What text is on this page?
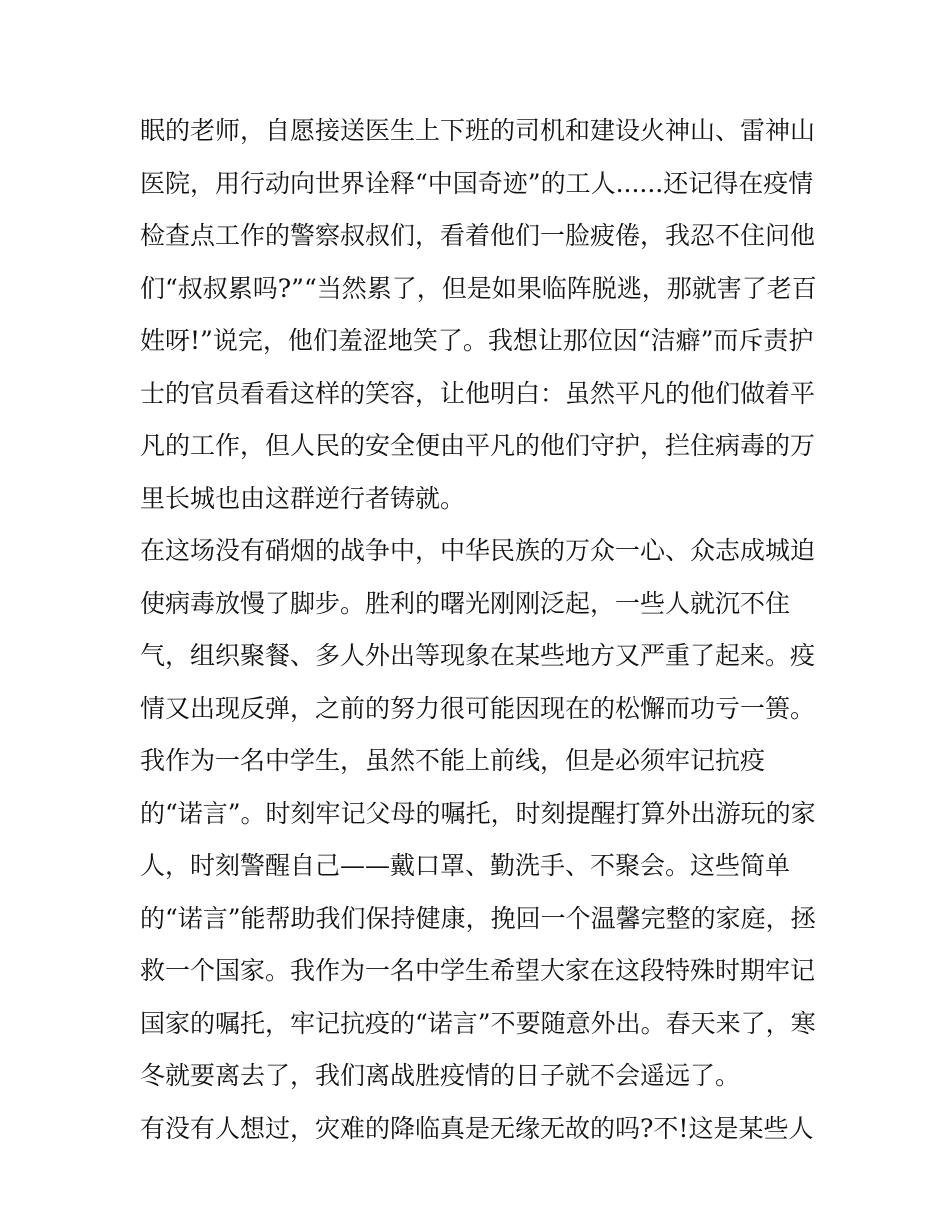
眠的老师，自愿接送医生上下班的司机和建设火神山、雷神山
医院，用行动向世界诠释“中国奇迹”的工人......还记得在疫情
检查点工作的警察叔叔们，看着他们一脸疲倦，我忍不住问他
们“叔叔累吗?”“当然累了，但是如果临阵脱逃，那就害了老百
姓呀!”说完，他们羞涩地笑了。我想让那位因“洁癖”而斥责护
士的官员看看这样的笑容，让他明白：虽然平凡的他们做着平
凡的工作，但人民的安全便由平凡的他们守护，拦住病毒的万
里长城也由这群逆行者铸就。
在这场没有硝烟的战争中，中华民族的万众一心、众志成城迫
使病毒放慢了脚步。胜利的曙光刚刚泛起，一些人就沉不住
气，组织聚餐、多人外出等现象在某些地方又严重了起来。疫
情又出现反弹，之前的努力很可能因现在的松懈而功亏一篑。
我作为一名中学生，虽然不能上前线，但是必须牢记抗疫
的“诺言”。时刻牢记父母的嘱托，时刻提醒打算外出游玩的家
人，时刻警醒自己——戴口罩、勤洗手、不聚会。这些简单
的“诺言”能帮助我们保持健康，挽回一个温馨完整的家庭，拯
救一个国家。我作为一名中学生希望大家在这段特殊时期牢记
国家的嘱托，牢记抗疫的“诺言”不要随意外出。春天来了，寒
冬就要离去了，我们离战胜疫情的日子就不会遥远了。
有没有人想过，灾难的降临真是无缘无故的吗?不!这是某些人
